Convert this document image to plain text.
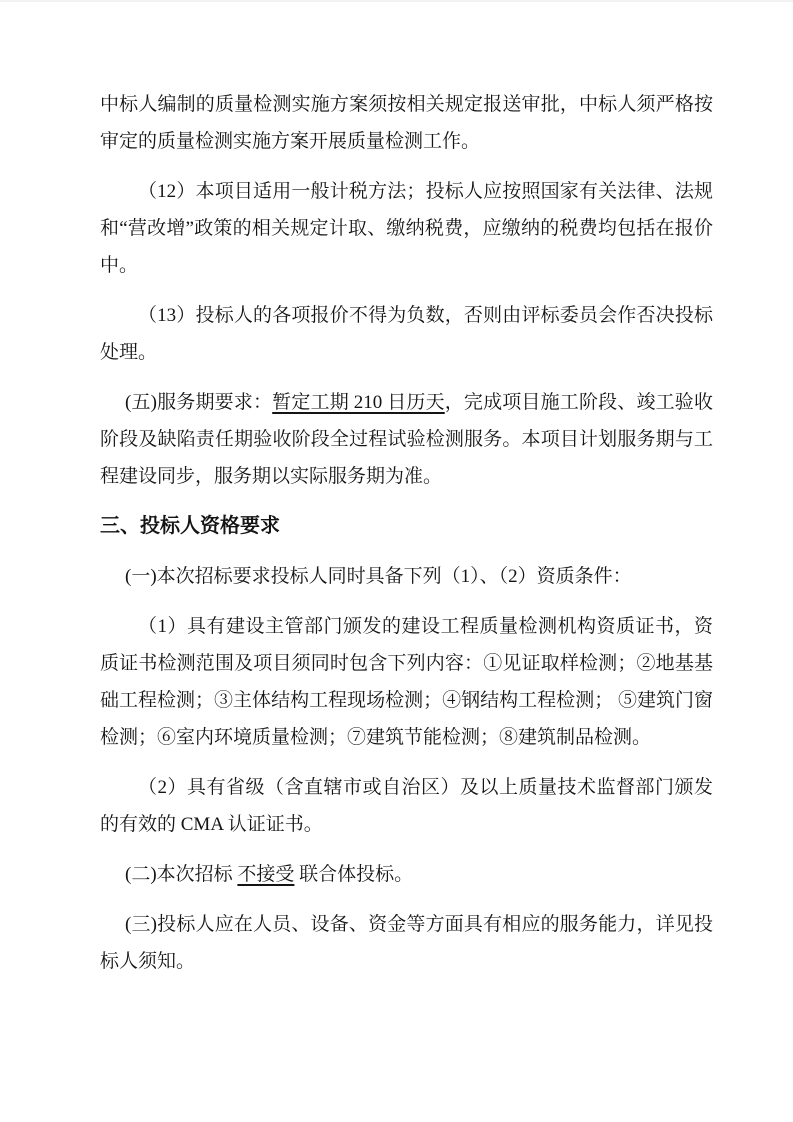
中标人编制的质量检测实施方案须按相关规定报送审批，中标人须严格按审定的质量检测实施方案开展质量检测工作。

（12）本项目适用一般计税方法；投标人应按照国家有关法律、法规和“营改增”政策的相关规定计取、缴纳税费，应缴纳的税费均包括在报价中。

（13）投标人的各项报价不得为负数，否则由评标委员会作否决投标处理。

(五)服务期要求：暂定工期 210 日历天，完成项目施工阶段、竣工验收阶段及缺陷责任期验收阶段全过程试验检测服务。本项目计划服务期与工程建设同步，服务期以实际服务期为准。

三、投标人资格要求

(一)本次招标要求投标人同时具备下列（1）、（2）资质条件：

（1）具有建设主管部门颁发的建设工程质量检测机构资质证书，资质证书检测范围及项目须同时包含下列内容：①见证取样检测；②地基基础工程检测；③主体结构工程现场检测；④钢结构工程检测； ⑤建筑门窗检测；⑥室内环境质量检测；⑦建筑节能检测；⑧建筑制品检测。

（2）具有省级（含直辖市或自治区）及以上质量技术监督部门颁发的有效的 CMA 认证证书。

(二)本次招标 不接受 联合体投标。

(三)投标人应在人员、设备、资金等方面具有相应的服务能力，详见投标人须知。
